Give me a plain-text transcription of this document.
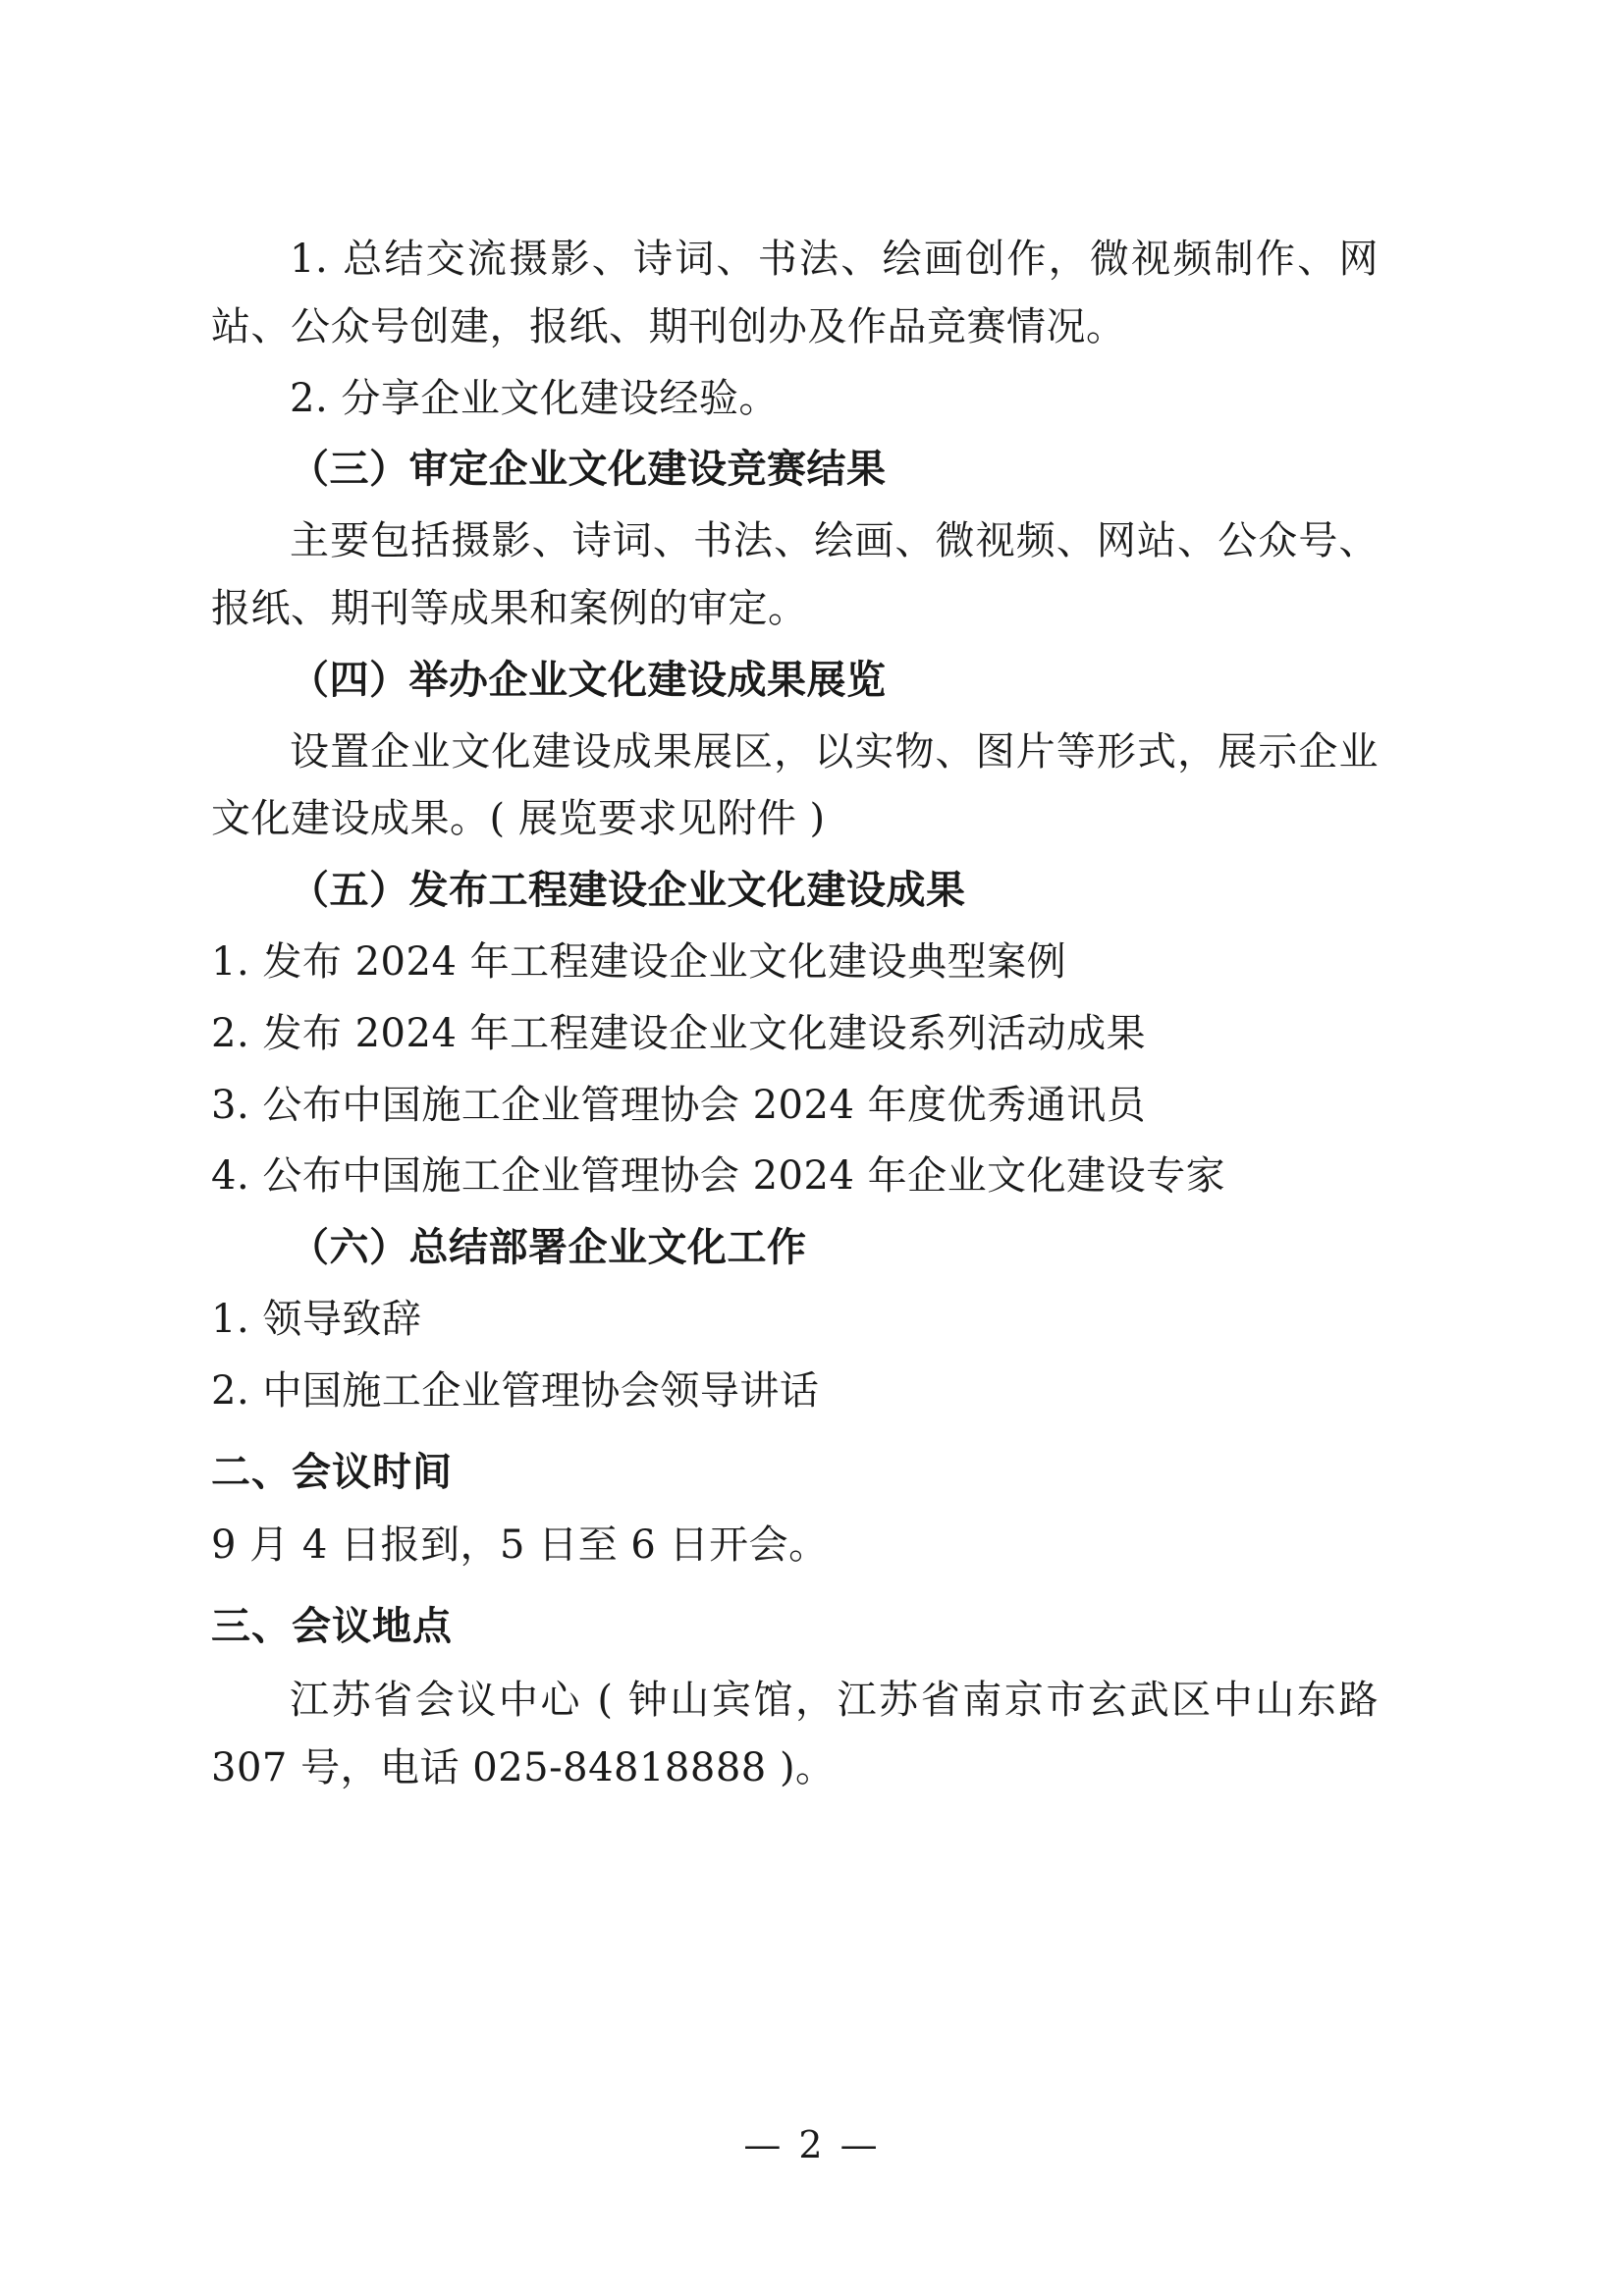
1. 总结交流摄影、诗词、书法、绘画创作，微视频制作、网站、公众号创建，报纸、期刊创办及作品竞赛情况。

2. 分享企业文化建设经验。

（三）审定企业文化建设竞赛结果

主要包括摄影、诗词、书法、绘画、微视频、网站、公众号、报纸、期刊等成果和案例的审定。

（四）举办企业文化建设成果展览

设置企业文化建设成果展区，以实物、图片等形式，展示企业文化建设成果。( 展览要求见附件 )

（五）发布工程建设企业文化建设成果

1. 发布 2024 年工程建设企业文化建设典型案例

2. 发布 2024 年工程建设企业文化建设系列活动成果

3. 公布中国施工企业管理协会 2024 年度优秀通讯员

4. 公布中国施工企业管理协会 2024 年企业文化建设专家

（六）总结部署企业文化工作

1. 领导致辞

2. 中国施工企业管理协会领导讲话

二、会议时间

9 月 4 日报到，5 日至 6 日开会。

三、会议地点

江苏省会议中心 ( 钟山宾馆，江苏省南京市玄武区中山东路 307 号，电话 025-84818888 )。

— 2 —
